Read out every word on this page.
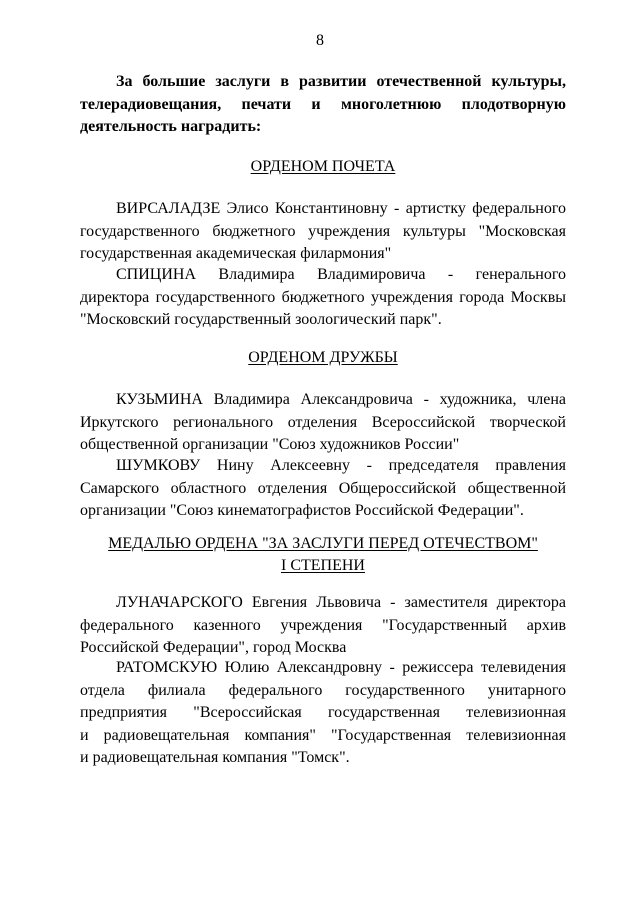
8
За большие заслуги в развитии отечественной культуры,
телерадиовещания, печати и многолетнюю плодотворную
деятельность наградить:
ОРДЕНОМ ПОЧЕТА
ВИРСАЛАДЗЕ Элисо Константиновну - артистку федерального
государственного бюджетного учреждения культуры "Московская
государственная академическая филармония"
СПИЦИНА Владимира Владимировича - генерального
директора государственного бюджетного учреждения города Москвы
"Московский государственный зоологический парк".
ОРДЕНОМ ДРУЖБЫ
КУЗЬМИНА Владимира Александровича - художника, члена
Иркутского регионального отделения Всероссийской творческой
общественной организации "Союз художников России"
ШУМКОВУ Нину Алексеевну - председателя правления
Самарского областного отделения Общероссийской общественной
организации "Союз кинематографистов Российской Федерации".
МЕДАЛЬЮ ОРДЕНА "ЗА ЗАСЛУГИ ПЕРЕД ОТЕЧЕСТВОМ"
I СТЕПЕНИ
ЛУНАЧАРСКОГО Евгения Львовича - заместителя директора
федерального казенного учреждения "Государственный архив
Российской Федерации", город Москва
РАТОМСКУЮ Юлию Александровну - режиссера телевидения
отдела филиала федерального государственного унитарного
предприятия "Всероссийская государственная телевизионная
и радиовещательная компания" "Государственная телевизионная
и радиовещательная компания "Томск".
